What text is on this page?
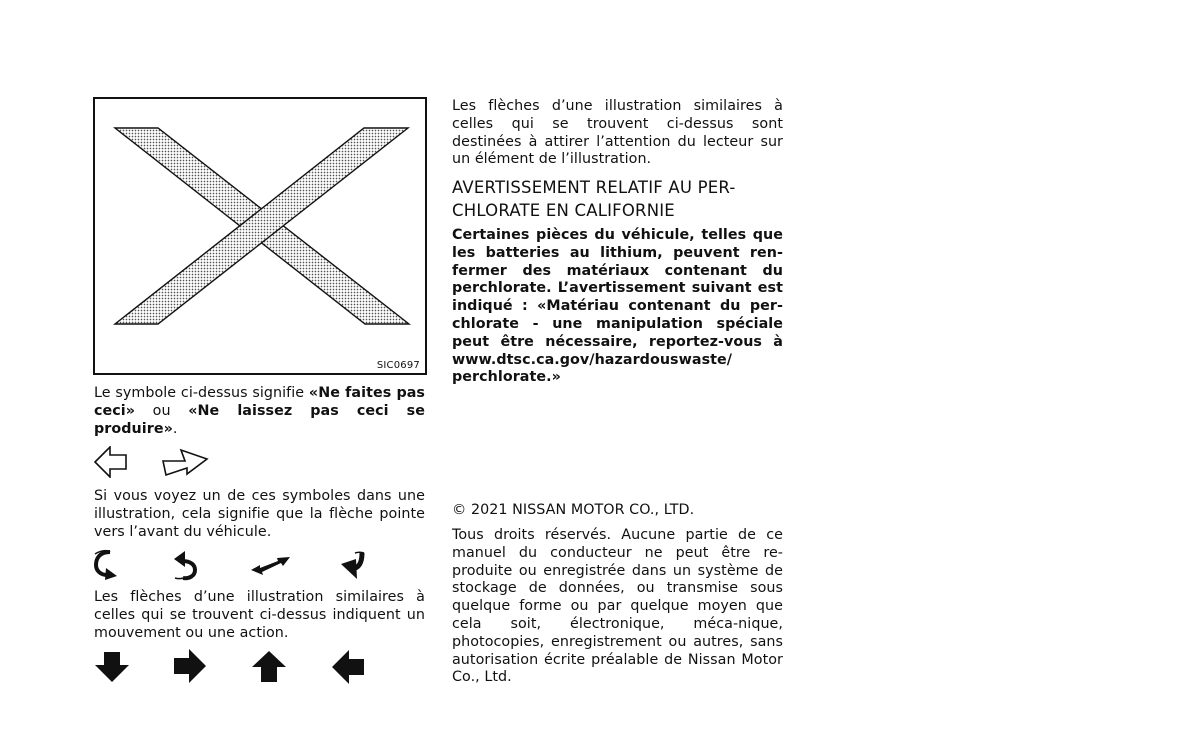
SIC0697
Le symbole ci-dessus signifie «Ne faites pas ceci» ou «Ne laissez pas ceci se produire».
Si vous voyez un de ces symboles dans une illustration, cela signifie que la flèche pointe vers l’avant du véhicule.
Les flèches d’une illustration similaires à celles qui se trouvent ci-dessus indiquent un mouvement ou une action.
Les flèches d’une illustration similaires à celles qui se trouvent ci-dessus sont destinées à attirer l’attention du lecteur sur un élément de l’illustration.
AVERTISSEMENT RELATIF AU PER-
CHLORATE EN CALIFORNIE
Certaines pièces du véhicule, telles que les batteries au lithium, peuvent ren-fermer des matériaux contenant du perchlorate. L’avertissement suivant est indiqué : «Matériau contenant du per-chlorate - une manipulation spéciale peut être nécessaire, reportez-vous à www.dtsc.ca.gov/hazardouswaste/ perchlorate.»
© 2021 NISSAN MOTOR CO., LTD.
Tous droits réservés. Aucune partie de ce manuel du conducteur ne peut être re-produite ou enregistrée dans un système de stockage de données, ou transmise sous quelque forme ou par quelque moyen que cela soit, électronique, méca-nique, photocopies, enregistrement ou autres, sans autorisation écrite préalable de Nissan Motor Co., Ltd.
